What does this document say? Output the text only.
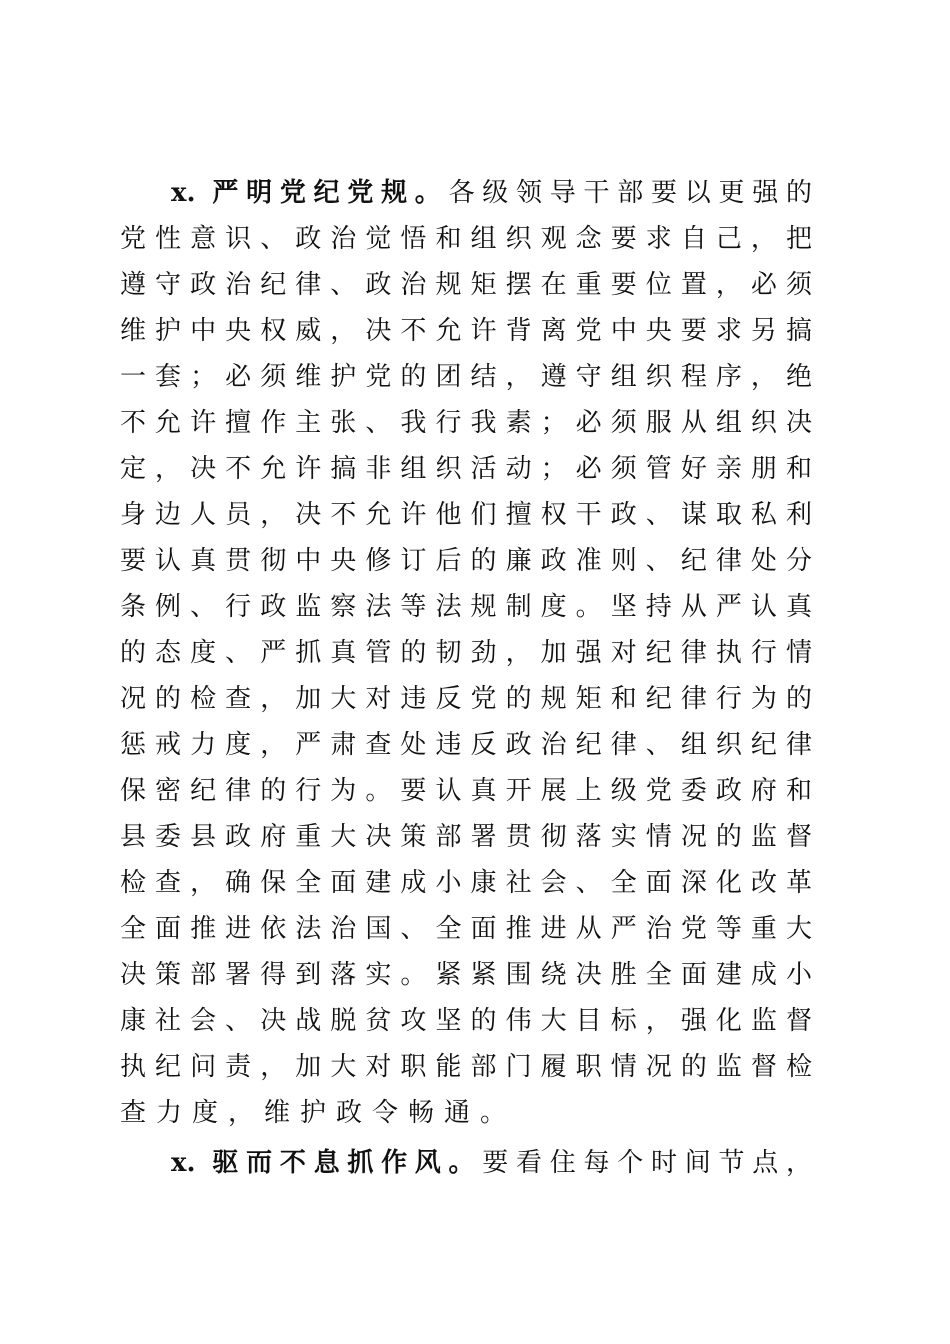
x. 严明党纪党规。各级领导干部要以更强的
党性意识、政治觉悟和组织观念要求自己，把
遵守政治纪律、政治规矩摆在重要位置，必须
维护中央权威，决不允许背离党中央要求另搞
一套；必须维护党的团结，遵守组织程序，绝
不允许擅作主张、我行我素；必须服从组织决
定，决不允许搞非组织活动；必须管好亲朋和
身边人员，决不允许他们擅权干政、谋取私利
要认真贯彻中央修订后的廉政准则、纪律处分
条例、行政监察法等法规制度。坚持从严认真
的态度、严抓真管的韧劲，加强对纪律执行情
况的检查，加大对违反党的规矩和纪律行为的
惩戒力度，严肃查处违反政治纪律、组织纪律
保密纪律的行为。要认真开展上级党委政府和
县委县政府重大决策部署贯彻落实情况的监督
检查，确保全面建成小康社会、全面深化改革
全面推进依法治国、全面推进从严治党等重大
决策部署得到落实。紧紧围绕决胜全面建成小
康社会、决战脱贫攻坚的伟大目标，强化监督
执纪问责，加大对职能部门履职情况的监督检
查力度，维护政令畅通。
x. 驱而不息抓作风。要看住每个时间节点，
